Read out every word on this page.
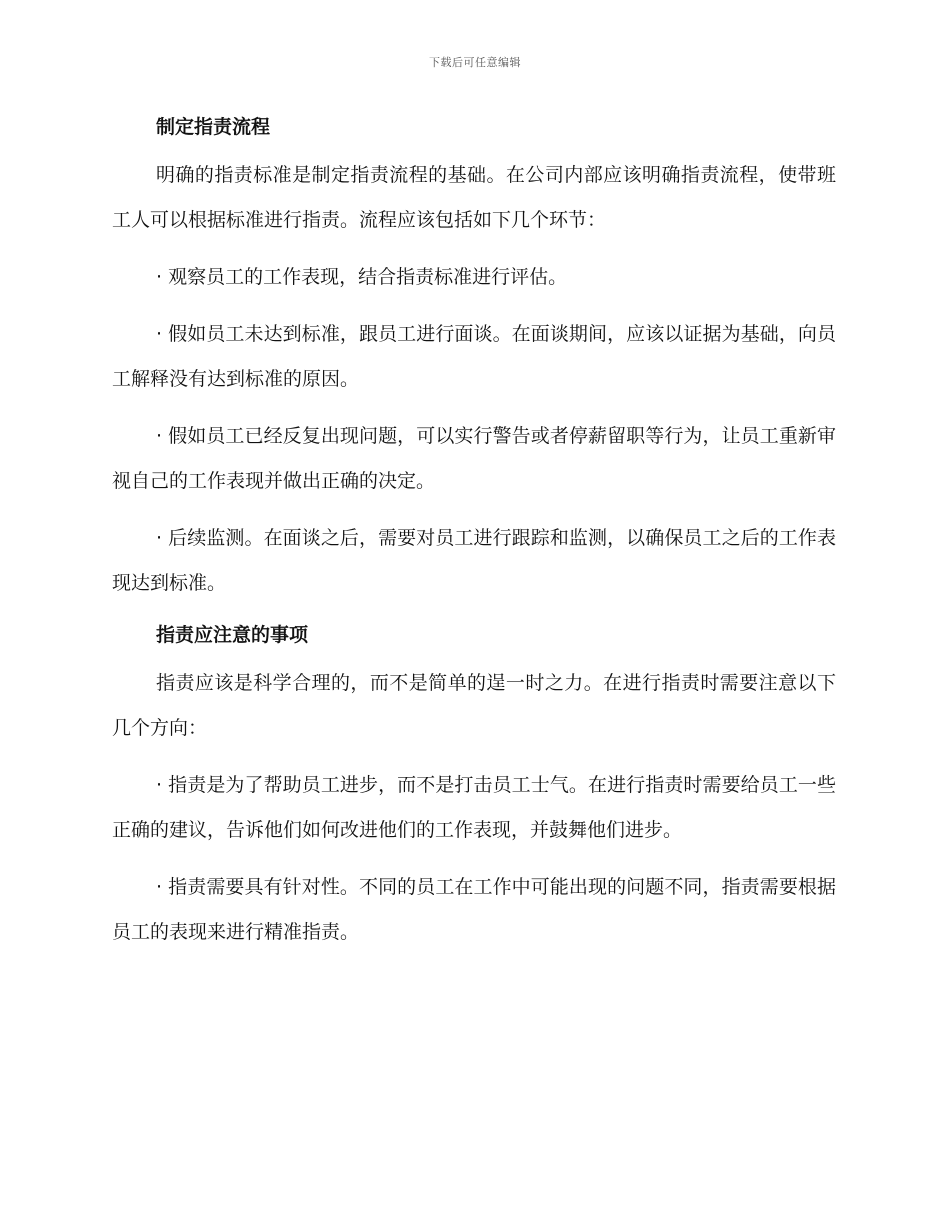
下载后可任意编辑
制定指责流程

明确的指责标准是制定指责流程的基础。在公司内部应该明确指责流程，使带班工人可以根据标准进行指责。流程应该包括如下几个环节：

· 观察员工的工作表现，结合指责标准进行评估。

· 假如员工未达到标准，跟员工进行面谈。在面谈期间，应该以证据为基础，向员工解释没有达到标准的原因。

· 假如员工已经反复出现问题，可以实行警告或者停薪留职等行为，让员工重新审视自己的工作表现并做出正确的决定。

· 后续监测。在面谈之后，需要对员工进行跟踪和监测，以确保员工之后的工作表现达到标准。

指责应注意的事项

指责应该是科学合理的，而不是简单的逞一时之力。在进行指责时需要注意以下几个方向：

· 指责是为了帮助员工进步，而不是打击员工士气。在进行指责时需要给员工一些正确的建议，告诉他们如何改进他们的工作表现，并鼓舞他们进步。

· 指责需要具有针对性。不同的员工在工作中可能出现的问题不同，指责需要根据员工的表现来进行精准指责。
